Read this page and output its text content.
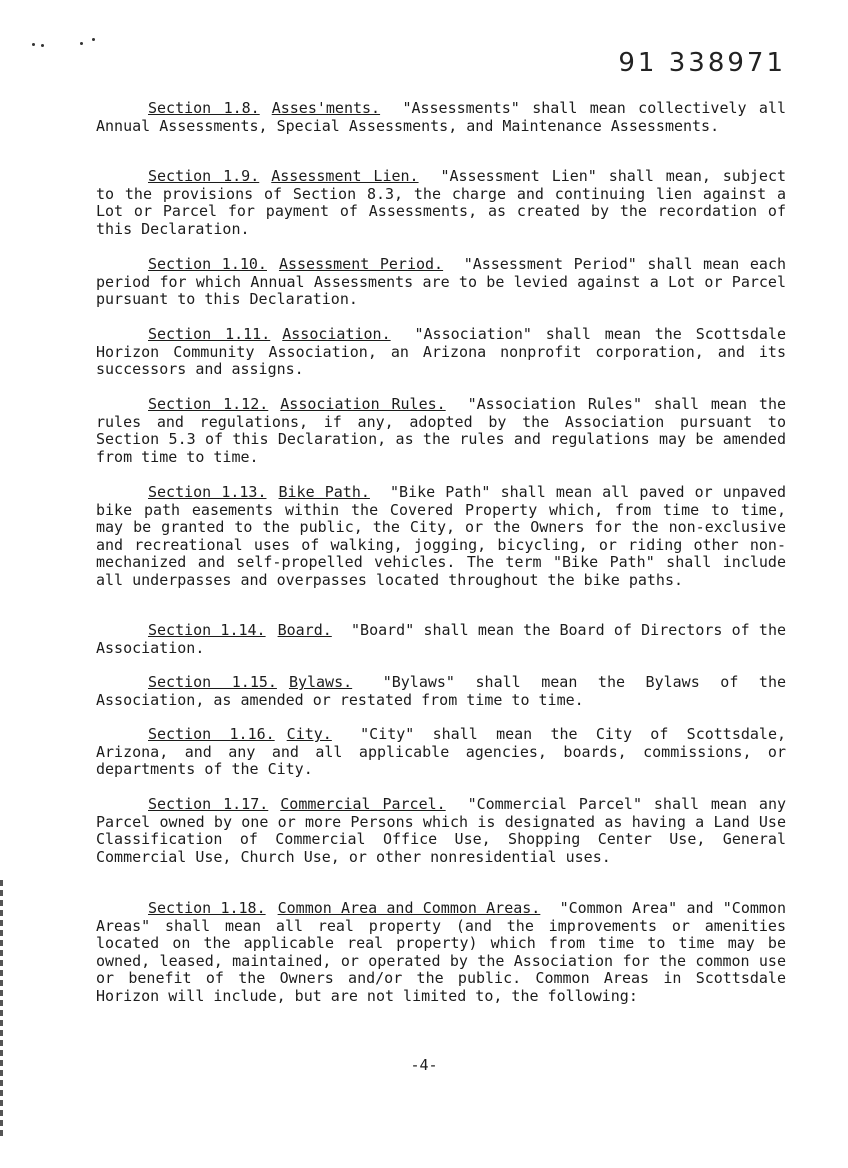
91 338971

Section 1.8. Asses'ments. "Assessments" shall mean collectively all Annual Assessments, Special Assessments, and Maintenance Assessments.

Section 1.9. Assessment Lien. "Assessment Lien" shall mean, subject to the provisions of Section 8.3, the charge and continuing lien against a Lot or Parcel for payment of Assessments, as created by the recordation of this Declaration.

Section 1.10. Assessment Period. "Assessment Period" shall mean each period for which Annual Assessments are to be levied against a Lot or Parcel pursuant to this Declaration.

Section 1.11. Association. "Association" shall mean the Scottsdale Horizon Community Association, an Arizona nonprofit corporation, and its successors and assigns.

Section 1.12. Association Rules. "Association Rules" shall mean the rules and regulations, if any, adopted by the Association pursuant to Section 5.3 of this Declaration, as the rules and regulations may be amended from time to time.

Section 1.13. Bike Path. "Bike Path" shall mean all paved or unpaved bike path easements within the Covered Property which, from time to time, may be granted to the public, the City, or the Owners for the non-exclusive and recreational uses of walking, jogging, bicycling, or riding other non-mechanized and self-propelled vehicles. The term "Bike Path" shall include all underpasses and overpasses located throughout the bike paths.

Section 1.14. Board. "Board" shall mean the Board of Directors of the Association.

Section 1.15. Bylaws. "Bylaws" shall mean the Bylaws of the Association, as amended or restated from time to time.

Section 1.16. City. "City" shall mean the City of Scottsdale, Arizona, and any and all applicable agencies, boards, commissions, or departments of the City.

Section 1.17. Commercial Parcel. "Commercial Parcel" shall mean any Parcel owned by one or more Persons which is designated as having a Land Use Classification of Commercial Office Use, Shopping Center Use, General Commercial Use, Church Use, or other nonresidential uses.

Section 1.18. Common Area and Common Areas. "Common Area" and "Common Areas" shall mean all real property (and the improvements or amenities located on the applicable real property) which from time to time may be owned, leased, maintained, or operated by the Association for the common use or benefit of the Owners and/or the public. Common Areas in Scottsdale Horizon will include, but are not limited to, the following:

-4-
